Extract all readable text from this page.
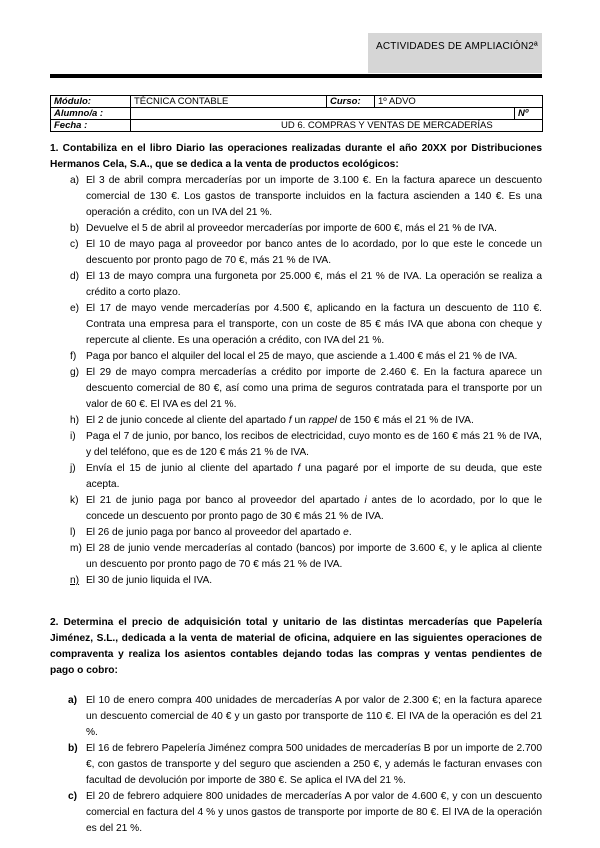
ACTIVIDADES DE AMPLIACIÓN2ª
Módulo:	TÉCNICA CONTABLE	Curso:	1º ADVO	
Alumno/a :				Nº
Fecha :	UD 6. COMPRAS Y VENTAS DE MERCADERÍAS			
1. Contabiliza en el libro Diario las operaciones realizadas durante el año 20XX por Distribuciones Hermanos Cela, S.A., que se dedica a la venta de productos ecológicos:
a) El 3 de abril compra mercaderías por un importe de 3.100 €. En la factura aparece un descuento comercial de 130 €. Los gastos de transporte incluidos en la factura ascienden a 140 €. Es una operación a crédito, con un IVA del 21 %.
b) Devuelve el 5 de abril al proveedor mercaderías por importe de 600 €, más el 21 % de IVA.
c) El 10 de mayo paga al proveedor por banco antes de lo acordado, por lo que este le concede un descuento por pronto pago de 70 €, más 21 % de IVA.
d) El 13 de mayo compra una furgoneta por 25.000 €, más el 21 % de IVA. La operación se realiza a crédito a corto plazo.
e) El 17 de mayo vende mercaderías por 4.500 €, aplicando en la factura un descuento de 110 €. Contrata una empresa para el transporte, con un coste de 85 € más IVA que abona con cheque y repercute al cliente. Es una operación a crédito, con IVA del 21 %.
f) Paga por banco el alquiler del local el 25 de mayo, que asciende a 1.400 € más el 21 % de IVA.
g) El 29 de mayo compra mercaderías a crédito por importe de 2.460 €. En la factura aparece un descuento comercial de 80 €, así como una prima de seguros contratada para el transporte por un valor de 60 €. El IVA es del 21 %.
h) El 2 de junio concede al cliente del apartado f un rappel de 150 € más el 21 % de IVA.
i) Paga el 7 de junio, por banco, los recibos de electricidad, cuyo monto es de 160 € más 21 % de IVA, y del teléfono, que es de 120 € más 21 % de IVA.
j) Envía el 15 de junio al cliente del apartado f una pagaré por el importe de su deuda, que este acepta.
k) El 21 de junio paga por banco al proveedor del apartado i antes de lo acordado, por lo que le concede un descuento por pronto pago de 30 € más 21 % de IVA.
l) El 26 de junio paga por banco al proveedor del apartado e.
m) El 28 de junio vende mercaderías al contado (bancos) por importe de 3.600 €, y le aplica al cliente un descuento por pronto pago de 70 € más 21 % de IVA.
n) El 30 de junio liquida el IVA.
2. Determina el precio de adquisición total y unitario de las distintas mercaderías que Papelería Jiménez, S.L., dedicada a la venta de material de oficina, adquiere en las siguientes operaciones de compraventa y realiza los asientos contables dejando todas las compras y ventas pendientes de pago o cobro:
a) El 10 de enero compra 400 unidades de mercaderías A por valor de 2.300 €; en la factura aparece un descuento comercial de 40 € y un gasto por transporte de 110 €. El IVA de la operación es del 21 %.
b) El 16 de febrero Papelería Jiménez compra 500 unidades de mercaderías B por un importe de 2.700 €, con gastos de transporte y del seguro que ascienden a 250 €, y además le facturan envases con facultad de devolución por importe de 380 €. Se aplica el IVA del 21 %.
c) El 20 de febrero adquiere 800 unidades de mercaderías A por valor de 4.600 €, y con un descuento comercial en factura del 4 % y unos gastos de transporte por importe de 80 €. El IVA de la operación es del 21 %.
